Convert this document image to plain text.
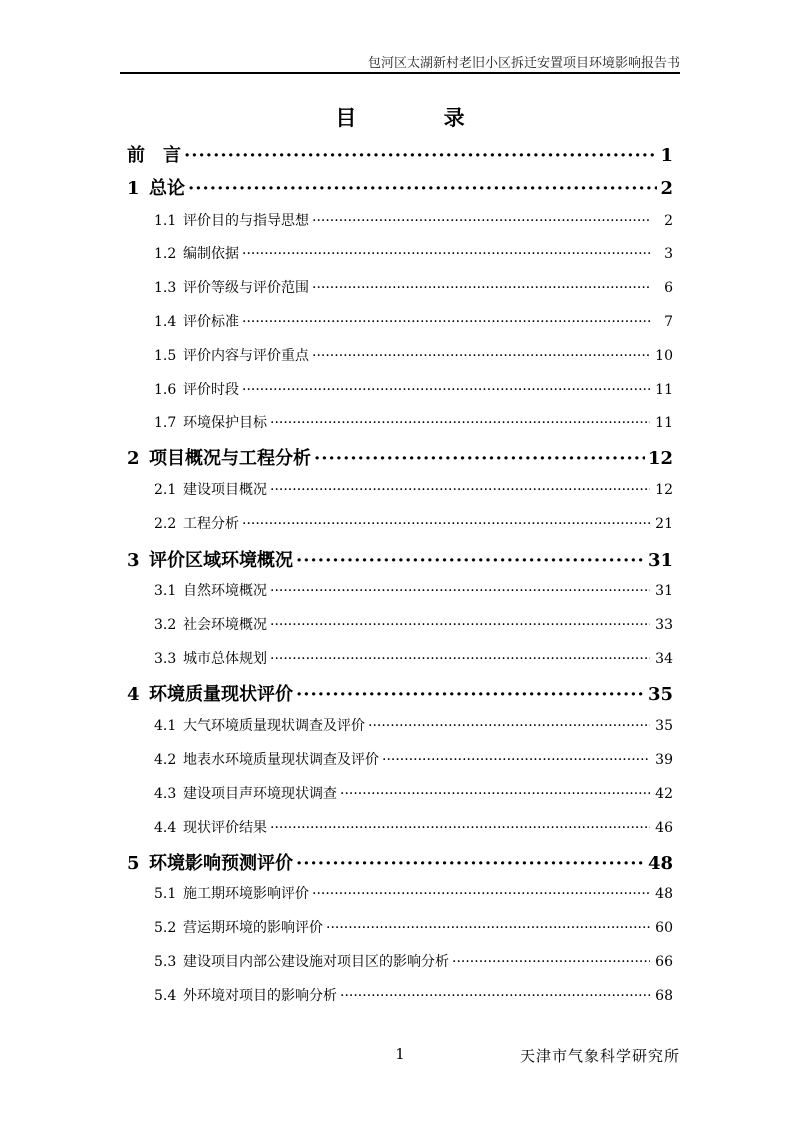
包河区太湖新村老旧小区拆迁安置项目环境影响报告书
目 录
前　言 ·····	1
1 总论 ·····	2
1.1 评价目的与指导思想 ·····	2
1.2 编制依据 ·····	3
1.3 评价等级与评价范围 ·····	6
1.4 评价标准 ·····	7
1.5 评价内容与评价重点 ·····	10
1.6 评价时段 ·····	11
1.7 环境保护目标 ·····	11
2 项目概况与工程分析 ·····	12
2.1 建设项目概况 ·····	12
2.2 工程分析 ·····	21
3 评价区域环境概况 ·····	31
3.1 自然环境概况 ·····	31
3.2 社会环境概况 ·····	33
3.3 城市总体规划 ·····	34
4 环境质量现状评价 ·····	35
4.1 大气环境质量现状调查及评价 ·····	35
4.2 地表水环境质量现状调查及评价 ·····	39
4.3 建设项目声环境现状调查 ·····	42
4.4 现状评价结果 ·····	46
5 环境影响预测评价 ·····	48
5.1 施工期环境影响评价 ·····	48
5.2 营运期环境的影响评价 ·····	60
5.3 建设项目内部公建设施对项目区的影响分析 ·····	66
5.4 外环境对项目的影响分析 ·····	68
1	天津市气象科学研究所
